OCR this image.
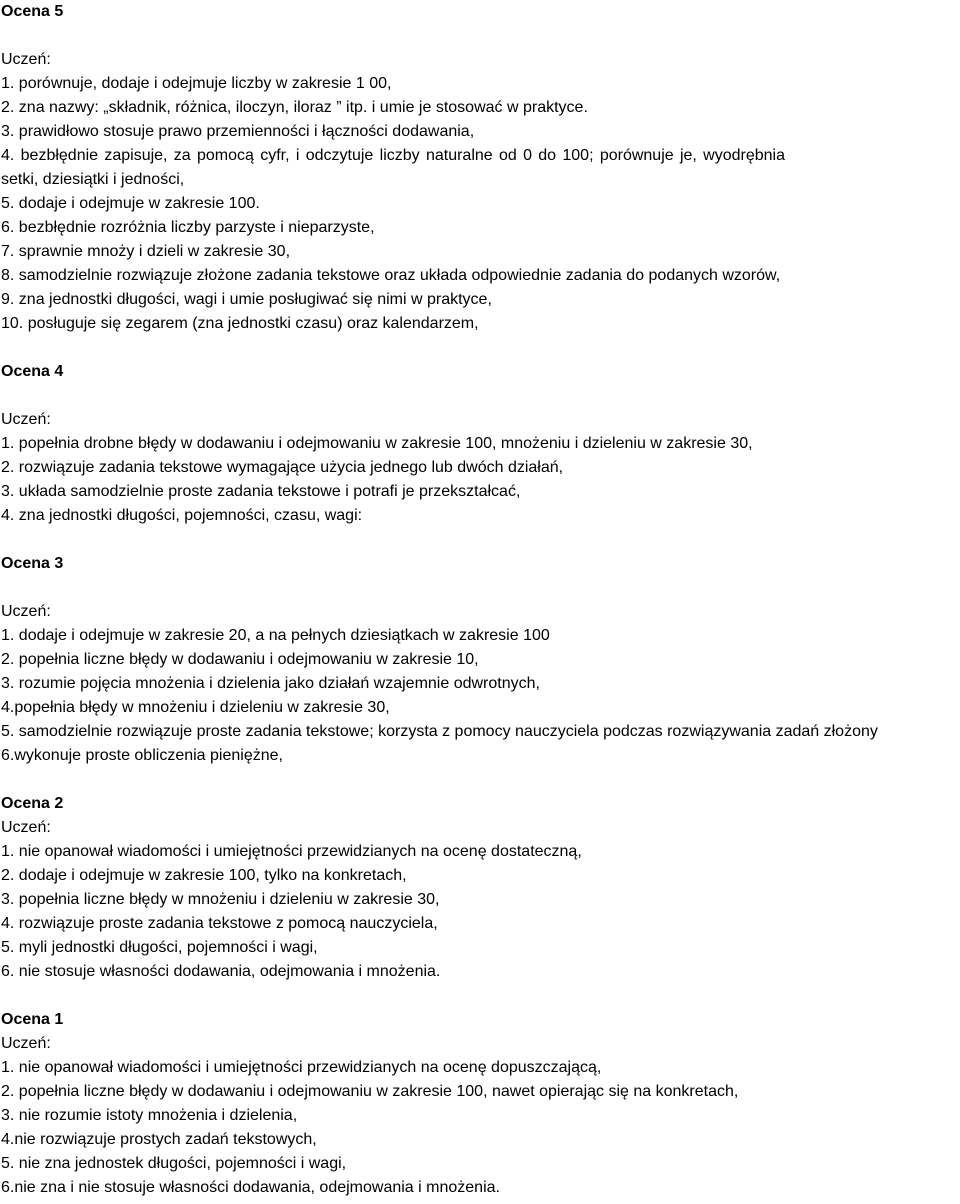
Ocena 5
Uczeń:
1. porównuje, dodaje i odejmuje liczby w zakresie 1 00,
2. zna nazwy: „składnik, różnica, iloczyn, iloraz ” itp. i umie je stosować w praktyce.
3. prawidłowo stosuje prawo przemienności i łączności dodawania,
4. bezbłędnie zapisuje, za pomocą cyfr, i odczytuje liczby naturalne od 0 do 100; porównuje je, wyodrębnia setki, dziesiątki i jedności,
5. dodaje i odejmuje w zakresie 100.
6. bezbłędnie rozróżnia liczby parzyste i nieparzyste,
7. sprawnie mnoży i dzieli w zakresie 30,
8. samodzielnie rozwiązuje złożone zadania tekstowe oraz układa odpowiednie zadania do podanych wzorów,
9. zna jednostki długości, wagi i umie posługiwać się nimi w praktyce,
10. posługuje się zegarem (zna jednostki czasu) oraz kalendarzem,
Ocena 4
Uczeń:
1. popełnia drobne błędy w dodawaniu i odejmowaniu w zakresie 100, mnożeniu i dzieleniu w zakresie 30,
2. rozwiązuje zadania tekstowe wymagające użycia jednego lub dwóch działań,
3. układa samodzielnie proste zadania tekstowe i potrafi je przekształcać,
4. zna jednostki długości, pojemności, czasu, wagi:
Ocena 3
Uczeń:
1. dodaje i odejmuje w zakresie 20, a na pełnych dziesiątkach w zakresie 100
2. popełnia liczne błędy w dodawaniu i odejmowaniu w zakresie 10,
3. rozumie pojęcia mnożenia i dzielenia jako działań wzajemnie odwrotnych,
4.popełnia błędy w mnożeniu i dzieleniu w zakresie 30,
5. samodzielnie rozwiązuje proste zadania tekstowe; korzysta z pomocy nauczyciela podczas rozwiązywania zadań złożony
6.wykonuje proste obliczenia pieniężne,
Ocena 2
Uczeń:
1. nie opanował wiadomości i umiejętności przewidzianych na ocenę dostateczną,
2. dodaje i odejmuje w zakresie 100, tylko na konkretach,
3. popełnia liczne błędy w mnożeniu i dzieleniu w zakresie 30,
4. rozwiązuje proste zadania tekstowe z pomocą nauczyciela,
5. myli jednostki długości, pojemności i wagi,
6. nie stosuje własności dodawania, odejmowania i mnożenia.
Ocena 1
Uczeń:
1. nie opanował wiadomości i umiejętności przewidzianych na ocenę dopuszczającą,
2. popełnia liczne błędy w dodawaniu i odejmowaniu w zakresie 100, nawet opierając się na konkretach,
3. nie rozumie istoty mnożenia i dzielenia,
4.nie rozwiązuje prostych zadań tekstowych,
5. nie zna jednostek długości, pojemności i wagi,
6.nie zna i nie stosuje własności dodawania, odejmowania i mnożenia.
